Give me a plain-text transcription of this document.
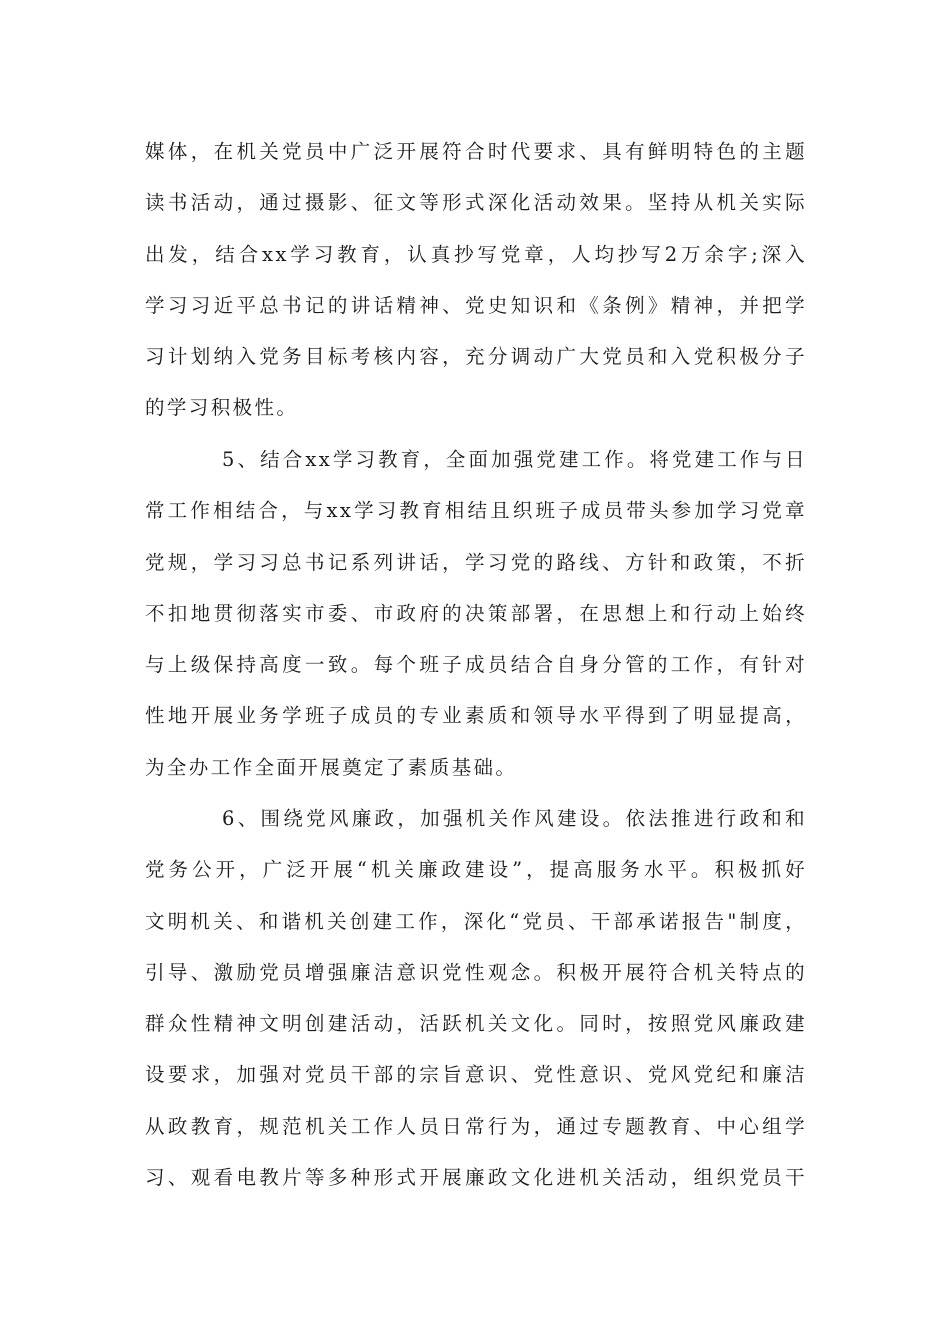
媒体，在机关党员中广泛开展符合时代要求、具有鲜明特色的主题
读书活动，通过摄影、征文等形式深化活动效果。坚持从机关实际
出发，结合xx学习教育，认真抄写党章，人均抄写2万余字;深入
学习习近平总书记的讲话精神、党史知识和《条例》精神，并把学
习计划纳入党务目标考核内容，充分调动广大党员和入党积极分子
的学习积极性。
5、结合xx学习教育，全面加强党建工作。将党建工作与日
常工作相结合，与xx学习教育相结且织班子成员带头参加学习党章
党规，学习习总书记系列讲话，学习党的路线、方针和政策，不折
不扣地贯彻落实市委、市政府的决策部署，在思想上和行动上始终
与上级保持高度一致。每个班子成员结合自身分管的工作，有针对
性地开展业务学班子成员的专业素质和领导水平得到了明显提高，
为全办工作全面开展奠定了素质基础。
6、围绕党风廉政，加强机关作风建设。依法推进行政和和
党务公开，广泛开展“机关廉政建设”，提高服务水平。积极抓好
文明机关、和谐机关创建工作，深化“党员、干部承诺报告"制度，
引导、激励党员增强廉洁意识党性观念。积极开展符合机关特点的
群众性精神文明创建活动，活跃机关文化。同时，按照党风廉政建
设要求，加强对党员干部的宗旨意识、党性意识、党风党纪和廉洁
从政教育，规范机关工作人员日常行为，通过专题教育、中心组学
习、观看电教片等多种形式开展廉政文化进机关活动，组织党员干
